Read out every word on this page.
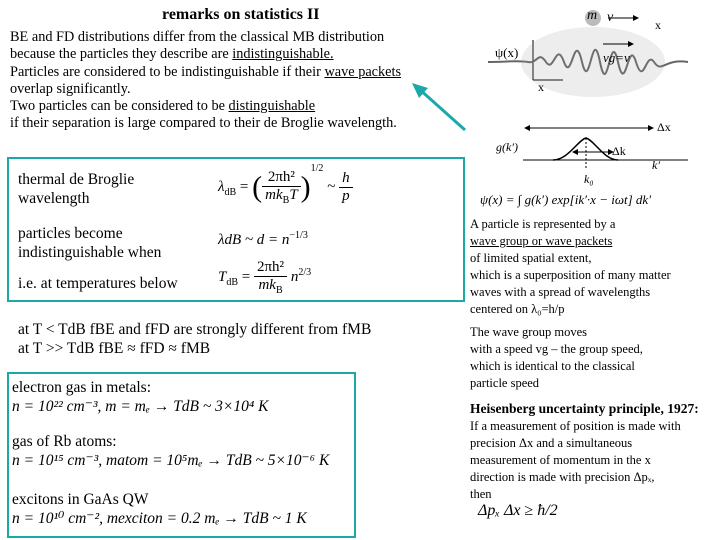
remarks on statistics II

BE and FD distributions differ from the classical MB distribution

because the particles they describe are indistinguishable.

Particles are considered to be indistinguishable if their wave packets

overlap significantly.

Two particles can be considered to be distinguishable

if their separation is large compared to their de Broglie wavelength.

thermal de Broglie
wavelength
$\lambda_{dB}$ = ( $\frac{\text{2πh²}}{mk_BT} )^{1/2}$ ~ $\frac{h}{p}$
particles become
indistinguishable when
λdB ~ $d = n^{-1/3}$
i.e. at temperatures below	$T_{dB} = \frac{\text{2πh²}}{mk_B} n^{2/3}$
at T < TdB fBE and fFD are strongly different from fMB
at T >> TdB fBE ≈ fFD ≈ fMB
electron gas in metals:
n = 10²² cm⁻³, m = mₑ → TdB ~ 3×10⁴ K
gas of Rb atoms:
n = 10¹⁵ cm⁻³, matom = 10⁵mₑ → TdB ~ 5×10⁻⁶ K
excitons in GaAs QW
n = 10¹⁰ cm⁻², mexciton = 0.2 mₑ → TdB ~ 1 K
m v	x
ψ(x)	vg=v
x
Δx
g(k′)	Δk
k′
k₀
ψ(x) = ∫ g(k′) exp[ik′·x − iωt] dk′
A particle is represented by a
wave group or wave packets
of limited spatial extent,
which is a superposition of many matter
waves with a spread of wavelengths
centered on λ₀=h/p
The wave group moves
with a speed vg – the group speed,
which is identical to the classical
particle speed
Heisenberg uncertainty principle, 1927:
If a measurement of position is made with
precision Δx and a simultaneous
measurement of momentum in the x
direction is made with precision Δpₓ,
then
Δpₓ Δx ≥ ħ/2
